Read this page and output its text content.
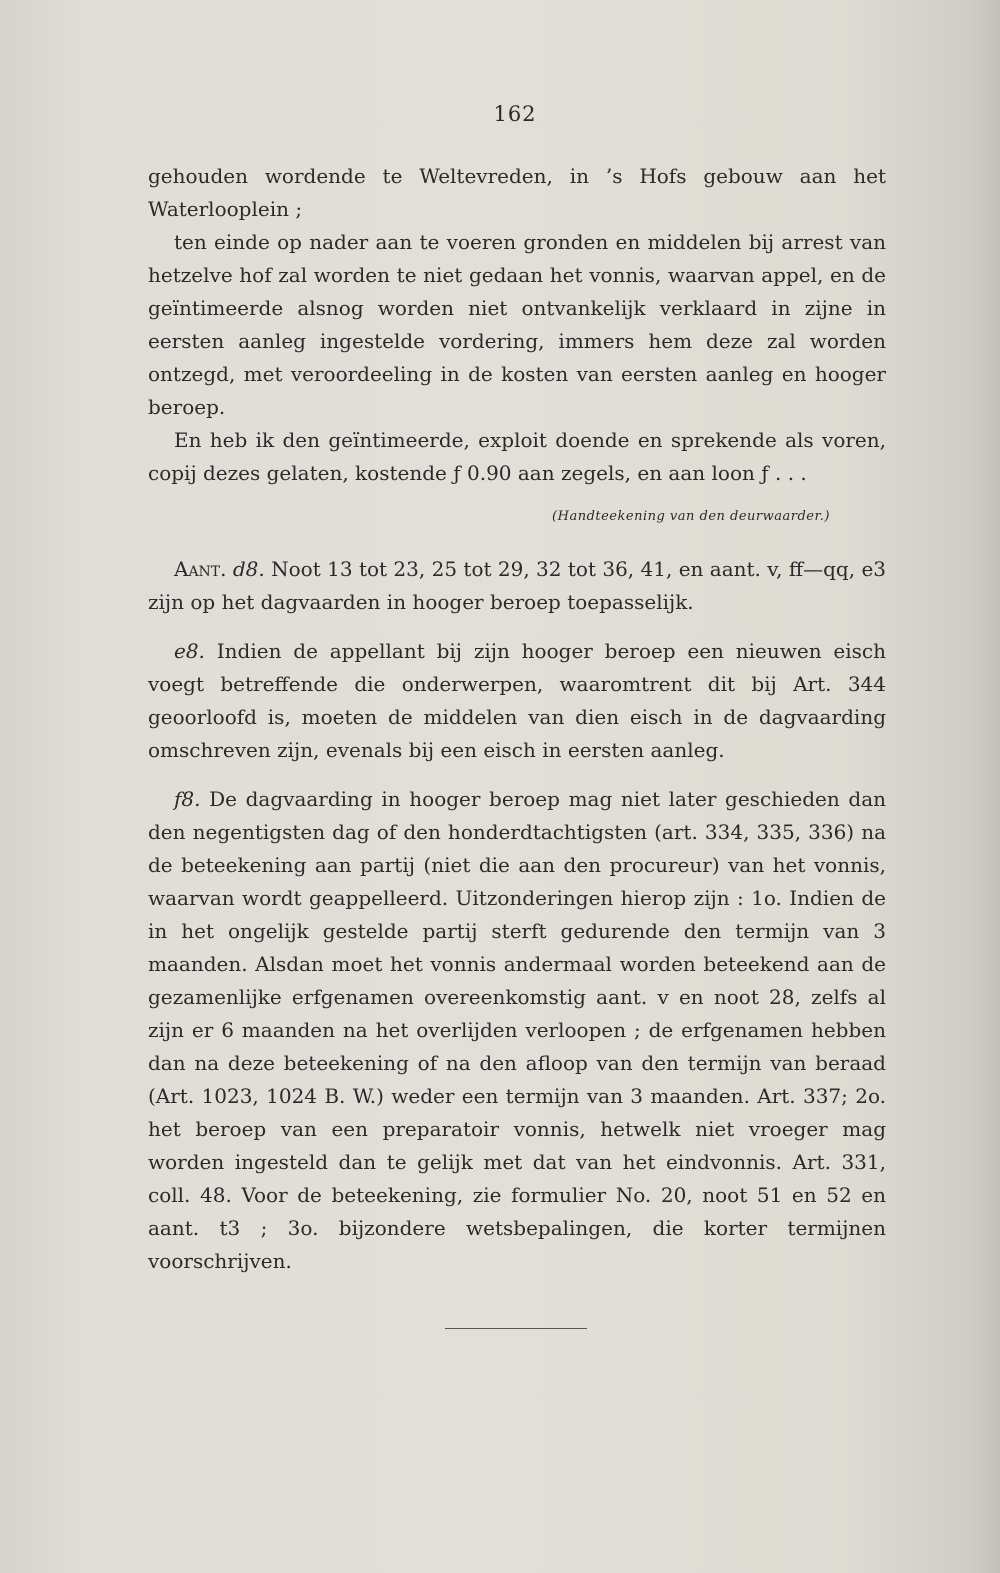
162

gehouden wordende te Weltevreden, in ’s Hofs gebouw aan het Waterlooplein ;

ten einde op nader aan te voeren gronden en middelen bij arrest van hetzelve hof zal worden te niet gedaan het vonnis, waarvan appel, en de geïntimeerde alsnog worden niet ontvankelijk verklaard in zijne in eersten aanleg ingestelde vordering, immers hem deze zal worden ontzegd, met veroordeeling in de kosten van eersten aanleg en hooger beroep.

En heb ik den geïntimeerde, exploit doende en sprekende als voren, copij dezes gelaten, kostende ƒ 0.90 aan zegels, en aan loon ƒ . . .

(Handteekening van den deurwaarder.)

Aant. d8. Noot 13 tot 23, 25 tot 29, 32 tot 36, 41, en aant. v, ff—qq, e3 zijn op het dagvaarden in hooger beroep toepasselijk.

e8. Indien de appellant bij zijn hooger beroep een nieuwen eisch voegt betreffende die onderwerpen, waaromtrent dit bij Art. 344 geoorloofd is, moeten de middelen van dien eisch in de dagvaarding omschreven zijn, evenals bij een eisch in eersten aanleg.

f8. De dagvaarding in hooger beroep mag niet later geschieden dan den negentigsten dag of den honderdtachtigsten (art. 334, 335, 336) na de beteekening aan partij (niet die aan den procureur) van het vonnis, waarvan wordt geappelleerd. Uitzonderingen hierop zijn : 1o. Indien de in het ongelijk gestelde partij sterft gedurende den termijn van 3 maanden. Alsdan moet het vonnis andermaal worden beteekend aan de gezamenlijke erfgenamen overeenkomstig aant. v en noot 28, zelfs al zijn er 6 maanden na het overlijden verloopen ; de erfgenamen hebben dan na deze beteekening of na den afloop van den termijn van beraad (Art. 1023, 1024 B. W.) weder een termijn van 3 maanden. Art. 337; 2o. het beroep van een preparatoir vonnis, hetwelk niet vroeger mag worden ingesteld dan te gelijk met dat van het eindvonnis. Art. 331, coll. 48. Voor de beteekening, zie formulier No. 20, noot 51 en 52 en aant. t3 ; 3o. bijzondere wetsbepalingen, die korter termijnen voorschrijven.
